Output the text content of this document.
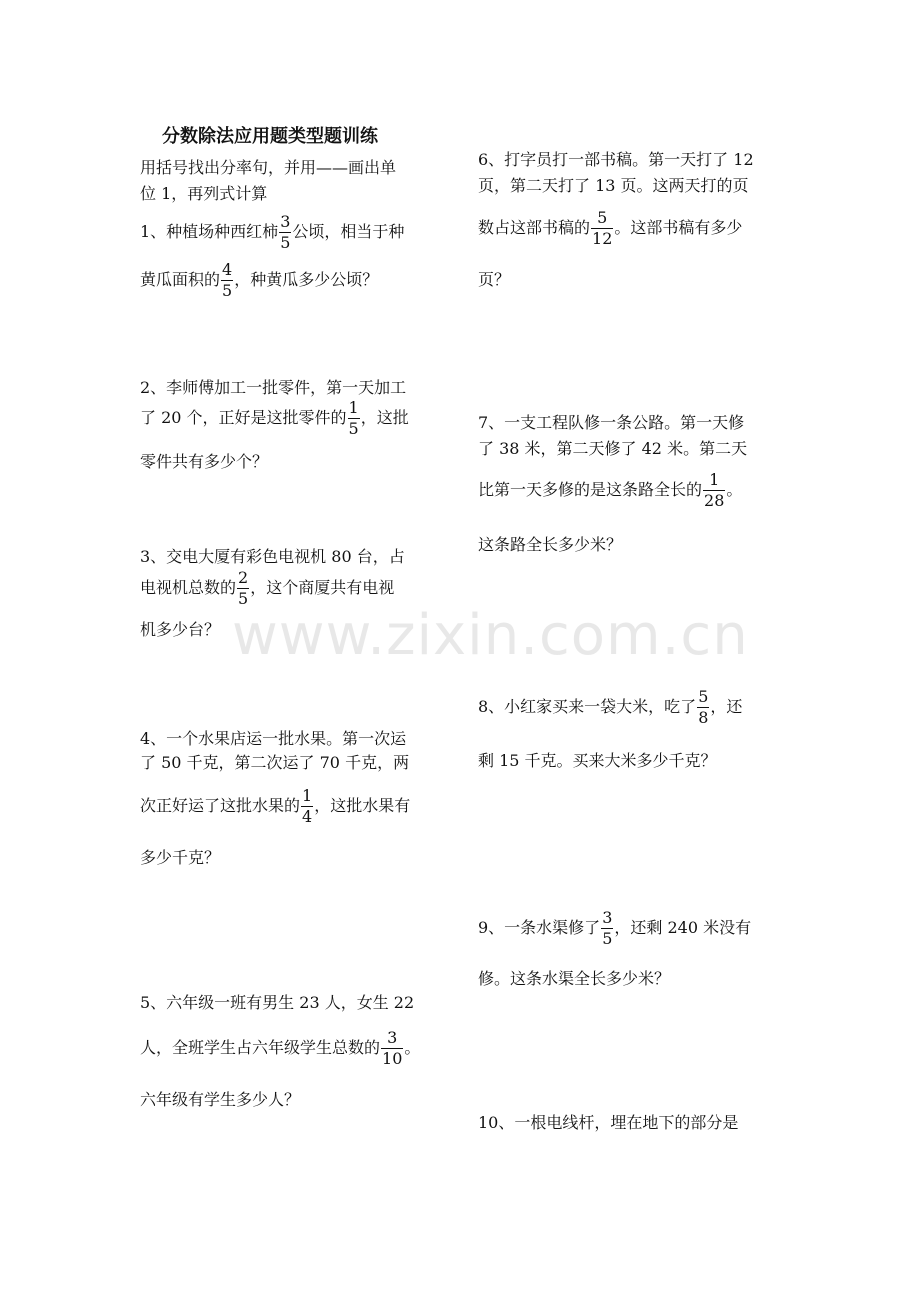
分数除法应用题类型题训练
用括号找出分率句，并用——画出单
位 1，再列式计算
1、种植场种西红柿 $\frac{3}{5}$ 公顷，相当于种
黄瓜面积的 $\frac{4}{5}$ ，种黄瓜多少公顷？
2、李师傅加工一批零件，第一天加工
了 20 个，正好是这批零件的 $\frac{1}{5}$ ，这批
零件共有多少个？
3、交电大厦有彩色电视机 80 台，占
电视机总数的 $\frac{2}{5}$ ，这个商厦共有电视
机多少台？
4、一个水果店运一批水果。第一次运
了 50 千克，第二次运了 70 千克，两
次正好运了这批水果的 $\frac{1}{4}$ ，这批水果有
多少千克？
5、六年级一班有男生 23 人，女生 22
人，全班学生占六年级学生总数的 $\frac{3}{10}$ 。
六年级有学生多少人？
6、打字员打一部书稿。第一天打了 12
页，第二天打了 13 页。这两天打的页
数占这部书稿的 $\frac{5}{12}$ 。这部书稿有多少
页？
7、一支工程队修一条公路。第一天修
了 38 米，第二天修了 42 米。第二天
比第一天多修的是这条路全长的 $\frac{1}{28}$ 。
这条路全长多少米？
www.zixin.com.cn
8、小红家买来一袋大米，吃了 $\frac{5}{8}$ ，还
剩 15 千克。买来大米多少千克？
9、一条水渠修了 $\frac{3}{5}$ ，还剩 240 米没有
修。这条水渠全长多少米？
10、一根电线杆，埋在地下的部分是
